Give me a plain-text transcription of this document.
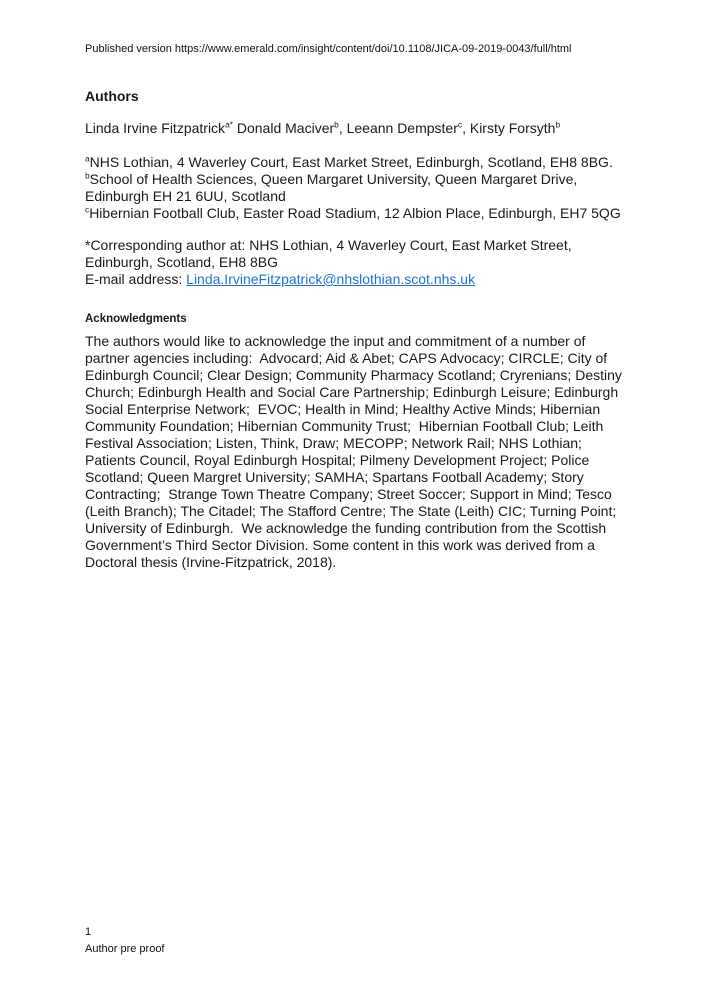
Published version https://www.emerald.com/insight/content/doi/10.1108/JICA-09-2019-0043/full/html
Authors

Linda Irvine Fitzpatrick$^{a*}$ Donald Maciver$^b$, Leeann Dempster$^c$, Kirsty Forsyth$^b$

$^a$NHS Lothian, 4 Waverley Court, East Market Street, Edinburgh, Scotland, EH8 8BG.
$^b$School of Health Sciences, Queen Margaret University, Queen Margaret Drive, Edinburgh EH 21 6UU, Scotland
$^c$Hibernian Football Club, Easter Road Stadium, 12 Albion Place, Edinburgh, EH7 5QG
*Corresponding author at: NHS Lothian, 4 Waverley Court, East Market Street, Edinburgh, Scotland, EH8 8BG
E-mail address: Linda.IrvineFitzpatrick@nhslothian.scot.nhs.uk
Acknowledgments

The authors would like to acknowledge the input and commitment of a number of partner agencies including:  Advocard; Aid & Abet; CAPS Advocacy; CIRCLE; City of Edinburgh Council; Clear Design; Community Pharmacy Scotland; Cryrenians; Destiny Church; Edinburgh Health and Social Care Partnership; Edinburgh Leisure; Edinburgh Social Enterprise Network;  EVOC; Health in Mind; Healthy Active Minds; Hibernian Community Foundation; Hibernian Community Trust;  Hibernian Football Club; Leith Festival Association; Listen, Think, Draw; MECOPP; Network Rail; NHS Lothian; Patients Council, Royal Edinburgh Hospital; Pilmeny Development Project; Police Scotland; Queen Margret University; SAMHA; Spartans Football Academy; Story Contracting;  Strange Town Theatre Company; Street Soccer; Support in Mind; Tesco (Leith Branch); The Citadel; The Stafford Centre; The State (Leith) CIC; Turning Point; University of Edinburgh.  We acknowledge the funding contribution from the Scottish Government’s Third Sector Division. Some content in this work was derived from a Doctoral thesis (Irvine-Fitzpatrick, 2018).

1
Author pre proof
